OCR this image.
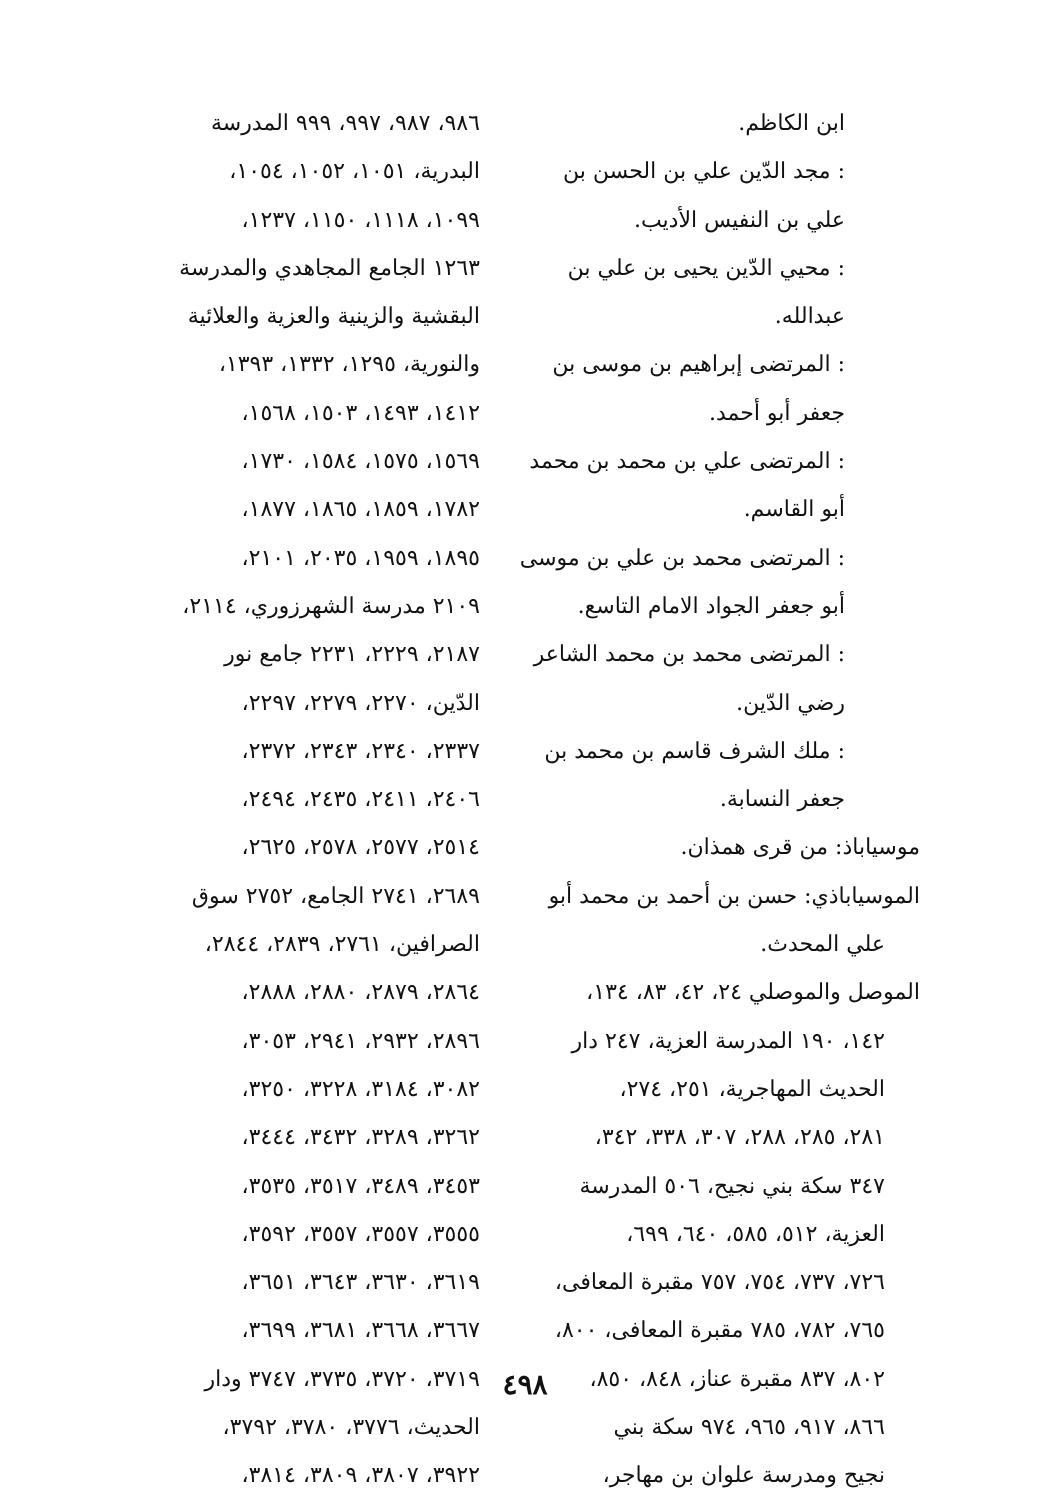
ابن الكاظم.
: مجد الدّين علي بن الحسن بن
علي بن النفيس الأديب.
: محيي الدّين يحيى بن علي بن
عبدالله.
: المرتضى إبراهيم بن موسى بن
جعفر أبو أحمد.
: المرتضى علي بن محمد بن محمد
أبو القاسم.
: المرتضى محمد بن علي بن موسى
أبو جعفر الجواد الامام التاسع.
: المرتضى محمد بن محمد الشاعر
رضي الدّين.
: ملك الشرف قاسم بن محمد بن
جعفر النسابة.
موسياباذ: من قرى همذان.
الموسياباذي: حسن بن أحمد بن محمد أبو
علي المحدث.
الموصل والموصلي ٢٤، ٤٢، ٨٣، ١٣٤،
١٤٢، ١٩٠ المدرسة العزية، ٢٤٧ دار
الحديث المهاجرية، ٢٥١، ٢٧٤،
٢٨١، ٢٨٥، ٢٨٨، ٣٠٧، ٣٣٨، ٣٤٢،
٣٤٧ سكة بني نجيح، ٥٠٦ المدرسة
العزية، ٥١٢، ٥٨٥، ٦٤٠، ٦٩٩،
٧٢٦، ٧٣٧، ٧٥٤، ٧٥٧ مقبرة المعافى،
٧٦٥، ٧٨٢، ٧٨٥ مقبرة المعافى، ٨٠٠،
٨٠٢، ٨٣٧ مقبرة عناز، ٨٤٨، ٨٥٠،
٨٦٦، ٩١٧، ٩٦٥، ٩٧٤ سكة بني
نجيح ومدرسة علوان بن مهاجر،
٩٨٦، ٩٨٧، ٩٩٧، ٩٩٩ المدرسة
البدرية، ١٠٥١، ١٠٥٢، ١٠٥٤،
١٠٩٩، ١١١٨، ١١٥٠، ١٢٣٧،
١٢٦٣ الجامع المجاهدي والمدرسة
البقشية والزينية والعزية والعلائية
والنورية، ١٢٩٥، ١٣٣٢، ١٣٩٣،
١٤١٢، ١٤٩٣، ١٥٠٣، ١٥٦٨،
١٥٦٩، ١٥٧٥، ١٥٨٤، ١٧٣٠،
١٧٨٢، ١٨٥٩، ١٨٦٥، ١٨٧٧،
١٨٩٥، ١٩٥٩، ٢٠٣٥، ٢١٠١،
٢١٠٩ مدرسة الشهرزوري، ٢١١٤،
٢١٨٧، ٢٢٢٩، ٢٢٣١ جامع نور
الدّين، ٢٢٧٠، ٢٢٧٩، ٢٢٩٧،
٢٣٣٧، ٢٣٤٠، ٢٣٤٣، ٢٣٧٢،
٢٤٠٦، ٢٤١١، ٢٤٣٥، ٢٤٩٤،
٢٥١٤، ٢٥٧٧، ٢٥٧٨، ٢٦٢٥،
٢٦٨٩، ٢٧٤١ الجامع، ٢٧٥٢ سوق
الصرافين، ٢٧٦١، ٢٨٣٩، ٢٨٤٤،
٢٨٦٤، ٢٨٧٩، ٢٨٨٠، ٢٨٨٨،
٢٨٩٦، ٢٩٣٢، ٢٩٤١، ٣٠٥٣،
٣٠٨٢، ٣١٨٤، ٣٢٢٨، ٣٢٥٠،
٣٢٦٢، ٣٢٨٩، ٣٤٣٢، ٣٤٤٤،
٣٤٥٣، ٣٤٨٩، ٣٥١٧، ٣٥٣٥،
٣٥٥٥، ٣٥٥٧، ٣٥٥٧، ٣٥٩٢،
٣٦١٩، ٣٦٣٠، ٣٦٤٣، ٣٦٥١،
٣٦٦٧، ٣٦٦٨، ٣٦٨١، ٣٦٩٩،
٣٧١٩، ٣٧٢٠، ٣٧٣٥، ٣٧٤٧ ودار
الحديث، ٣٧٧٦، ٣٧٨٠، ٣٧٩٢،
٣٩٢٢، ٣٨٠٧، ٣٨٠٩، ٣٨١٤،
٤٩٨
